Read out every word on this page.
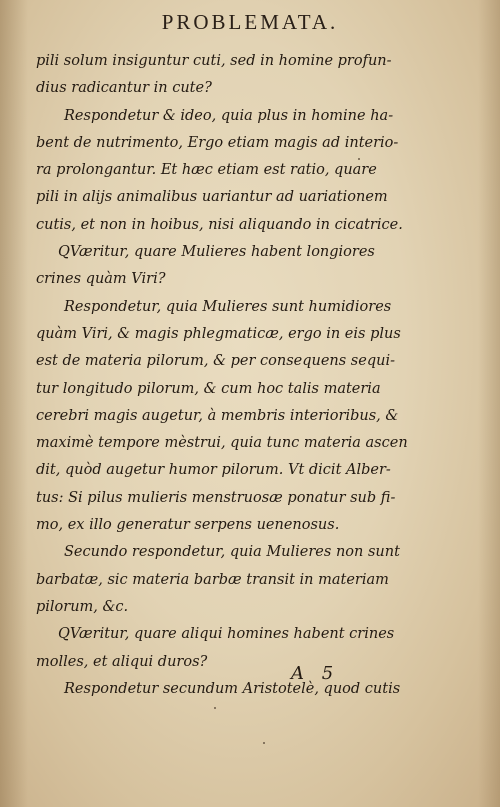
PROBLEMATA.
pili solum insiguntur cuti, sed in homine profun-
dius radicantur in cute?
Respondetur & ideo, quia plus in homine ha-
bent de nutrimento, Ergo etiam magis ad interio-
ra prolongantur. Et hæc etiam est ratio, quare
pili in alijs animalibus uariantur ad uariationem
cutis, et non in hoibus, nisi aliquando in cicatrice.
QVæritur, quare Mulieres habent longiores
crines quàm Viri?
Respondetur, quia Mulieres sunt humidiores
quàm Viri, & magis phlegmaticæ, ergo in eis plus
est de materia pilorum, & per consequens sequi-
tur longitudo pilorum, & cum hoc talis materia
cerebri magis augetur, à membris interioribus, &
maximè tempore mèstrui, quia tunc materia ascen
dit, quòd augetur humor pilorum. Vt dicit Alber-
tus: Si pilus mulieris menstruosæ ponatur sub fi-
mo, ex illo generatur serpens uenenosus.
Secundo respondetur, quia Mulieres non sunt
barbatæ, sic materia barbæ transit in materiam
pilorum, &c.
QVæritur, quare aliqui homines habent crines
molles, et aliqui duros?
Respondetur secundum Aristotelè, quod cutis
A 5
